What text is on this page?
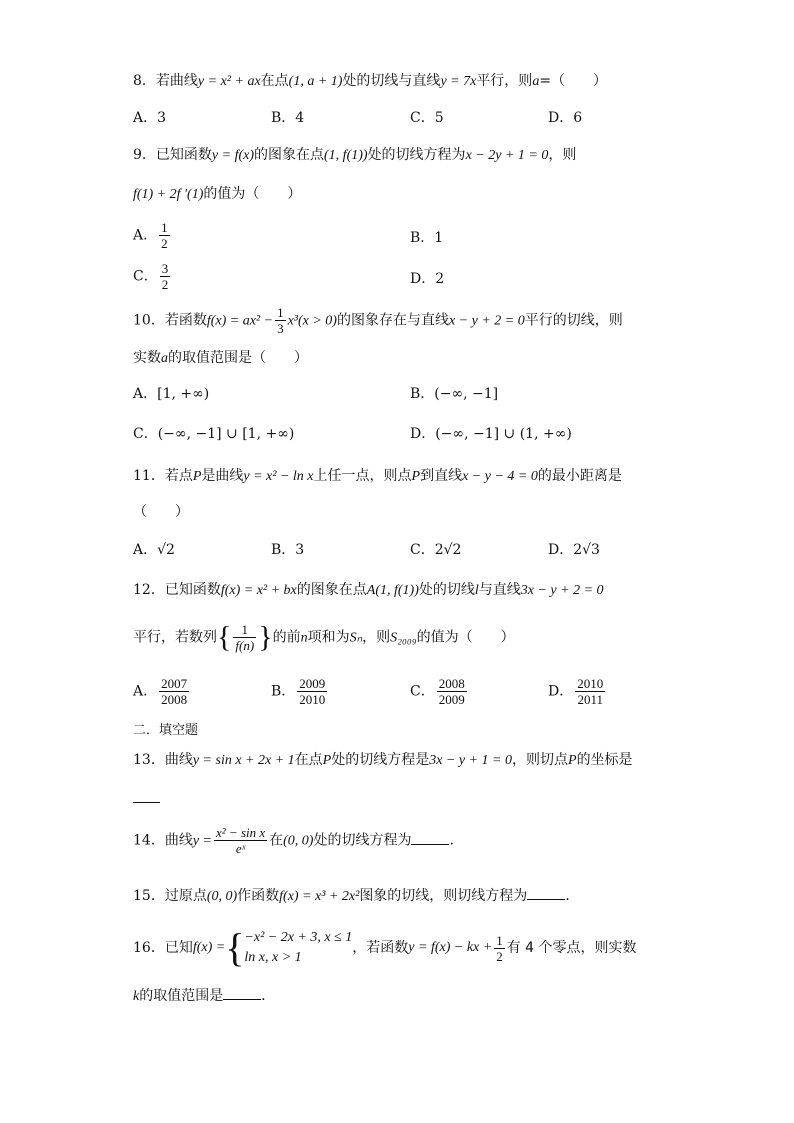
8．若曲线y = x² + ax在点(1, a + 1)处的切线与直线y = 7x平行，则a=（　　）
A．3	B．4	C．5	D．6
9．已知函数y = f(x)的图象在点(1, f(1))处的切线方程为x − 2y + 1 = 0，则
f(1) + 2f '(1)的值为（　　）
A． $\frac{1}{2}$	B．1
C． $\frac{3}{2}$	D．2
10．若函数$f(x) = ax^2 - \frac{1}{3} x^3(x > 0)$的图象存在与直线x − y + 2 = 0平行的切线，则
实数a的取值范围是（　　）
A．[1, +∞)	B．(−∞, −1]
C．(−∞, −1] ∪ [1, +∞)	D．(−∞, −1] ∪ (1, +∞)
11．若点P是曲线y = x² − ln x上任一点，则点P到直线x − y − 4 = 0的最小距离是
（　　）
A．√2	B．3	C．2√2	D．2√3
12．已知函数f(x) = x² + bx的图象在点A(1, f(1))处的切线l与直线3x − y + 2 = 0
平行，若数列{ $\frac{1}{f(n)}$ }的前n项和为Sₙ，则S₂₀₀₉的值为（　　）
A． $\frac{2007}{2008}$	B． $\frac{2009}{2010}$	C． $\frac{2008}{2009}$	D． $\frac{2010}{2011}$
二．填空题
13．曲线y = sin x + 2x + 1在点P处的切线方程是3x − y + 1 = 0，则切点P的坐标是
14．曲线$y = \frac{\text{x² − sin x}}{\text{eˣ}}$ 在(0, 0)处的切线方程为	.
15．过原点(0, 0)作函数f(x) = x³ + 2x²图象的切线，则切线方程为	．
16．已知f(x) ={ −x² − 2x + 3, x ≤ 1
ln x, x > 1
，若函数y = f(x) − kx + $\frac{1}{2}$ 有 4 个零点，则实数
k的取值范围是	．
